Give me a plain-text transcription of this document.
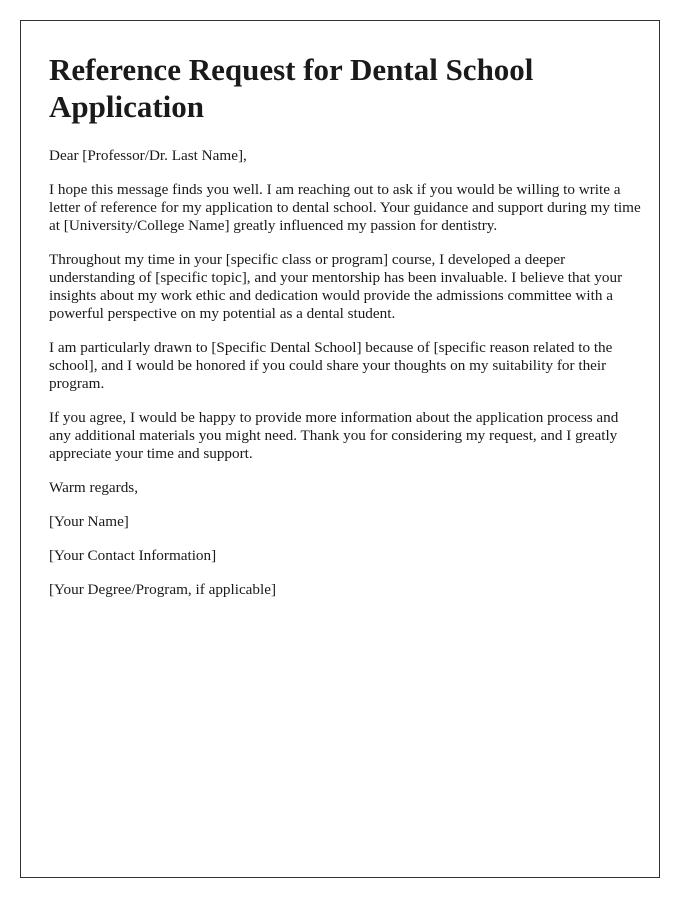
Reference Request for Dental School Application

Dear [Professor/Dr. Last Name],

I hope this message finds you well. I am reaching out to ask if you would be willing to write a letter of reference for my application to dental school. Your guidance and support during my time at [University/College Name] greatly influenced my passion for dentistry.

Throughout my time in your [specific class or program] course, I developed a deeper understanding of [specific topic], and your mentorship has been invaluable. I believe that your insights about my work ethic and dedication would provide the admissions committee with a powerful perspective on my potential as a dental student.

I am particularly drawn to [Specific Dental School] because of [specific reason related to the school], and I would be honored if you could share your thoughts on my suitability for their program.

If you agree, I would be happy to provide more information about the application process and any additional materials you might need. Thank you for considering my request, and I greatly appreciate your time and support.

Warm regards,

[Your Name]

[Your Contact Information]

[Your Degree/Program, if applicable]
